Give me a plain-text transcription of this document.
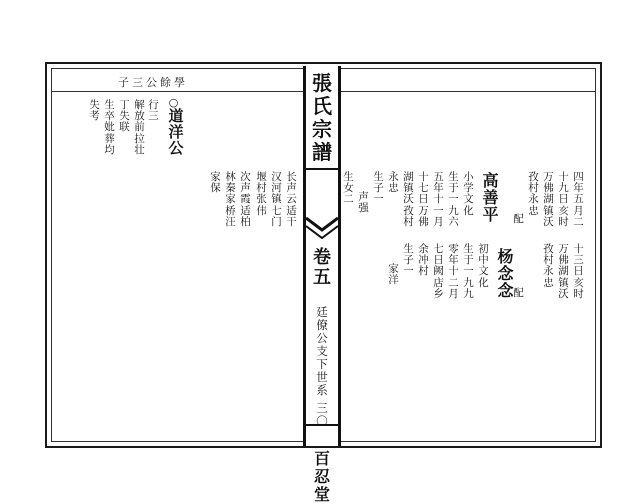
子三公餘學	張氏宗譜
卷五
廷僚公支下世系
三〇
百忍堂
○
道洋公
行三
解放前拉壮
丁失联
生卒妣葬均
失考
长声云适干
汉河镇七门
堰村张伟
次声霞适柏
林秦家桥汪
家保
四年五月二
十九日亥时
万佛湖镇沃
孜村永忠
配
高善平
小学文化
生于一九六
五年十一月
十七日万佛
湖镇沃孜村
永忠
生子一
声强
生女二
十三日亥时
万佛湖镇沃
孜村永忠
配
杨念念
初中文化
生于一九九
零年十二月
七日阙店乡
余冲村
生子一
家洋
